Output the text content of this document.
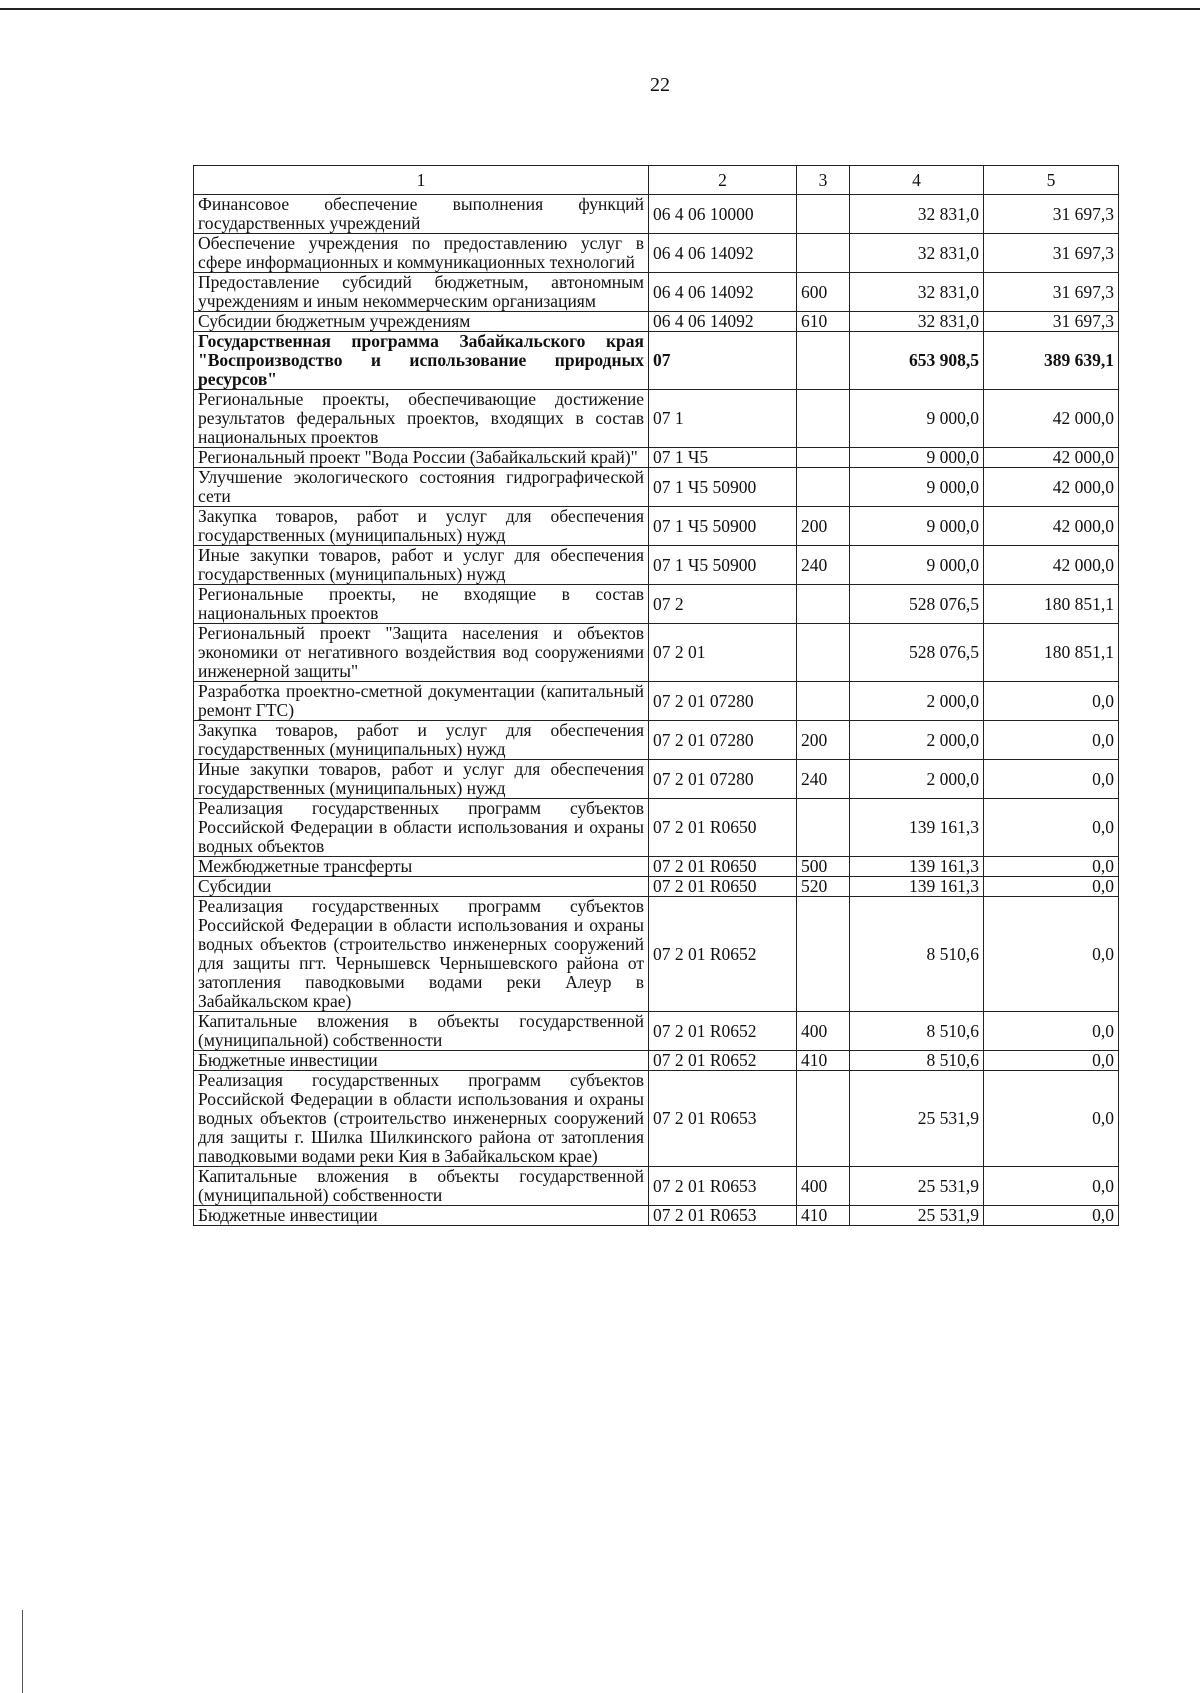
22
1	2	3	4	5
Финансовое обеспечение выполнения функций государственных учреждений	06 4 06 10000		32 831,0	31 697,3
Обеспечение учреждения по предоставлению услуг в сфере информационных и коммуникационных технологий	06 4 06 14092		32 831,0	31 697,3
Предоставление субсидий бюджетным, автономным учреждениям и иным некоммерческим организациям	06 4 06 14092	600	32 831,0	31 697,3
Субсидии бюджетным учреждениям	06 4 06 14092	610	32 831,0	31 697,3
Государственная программа Забайкальского края "Воспроизводство и использование природных ресурсов"	07		653 908,5	389 639,1
Региональные проекты, обеспечивающие достижение результатов федеральных проектов, входящих в состав национальных проектов	07 1		9 000,0	42 000,0
Региональный проект "Вода России (Забайкальский край)"	07 1 Ч5		9 000,0	42 000,0
Улучшение экологического состояния гидрографической сети	07 1 Ч5 50900		9 000,0	42 000,0
Закупка товаров, работ и услуг для обеспечения государственных (муниципальных) нужд	07 1 Ч5 50900	200	9 000,0	42 000,0
Иные закупки товаров, работ и услуг для обеспечения государственных (муниципальных) нужд	07 1 Ч5 50900	240	9 000,0	42 000,0
Региональные проекты, не входящие в состав национальных проектов	07 2		528 076,5	180 851,1
Региональный проект "Защита населения и объектов экономики от негативного воздействия вод сооружениями инженерной защиты"	07 2 01		528 076,5	180 851,1
Разработка проектно-сметной документации (капитальный ремонт ГТС)	07 2 01 07280		2 000,0	0,0
Закупка товаров, работ и услуг для обеспечения государственных (муниципальных) нужд	07 2 01 07280	200	2 000,0	0,0
Иные закупки товаров, работ и услуг для обеспечения государственных (муниципальных) нужд	07 2 01 07280	240	2 000,0	0,0
Реализация государственных программ субъектов Российской Федерации в области использования и охраны водных объектов	07 2 01 R0650		139 161,3	0,0
Межбюджетные трансферты	07 2 01 R0650	500	139 161,3	0,0
Субсидии	07 2 01 R0650	520	139 161,3	0,0
Реализация государственных программ субъектов Российской Федерации в области использования и охраны водных объектов (строительство инженерных сооружений для защиты пгт. Чернышевск Чернышевского района от затопления паводковыми водами реки Алеур в Забайкальском крае)	07 2 01 R0652		8 510,6	0,0
Капитальные вложения в объекты государственной (муниципальной) собственности	07 2 01 R0652	400	8 510,6	0,0
Бюджетные инвестиции	07 2 01 R0652	410	8 510,6	0,0
Реализация государственных программ субъектов Российской Федерации в области использования и охраны водных объектов (строительство инженерных сооружений для защиты г. Шилка Шилкинского района от затопления паводковыми водами реки Кия в Забайкальском крае)	07 2 01 R0653		25 531,9	0,0
Капитальные вложения в объекты государственной (муниципальной) собственности	07 2 01 R0653	400	25 531,9	0,0
Бюджетные инвестиции	07 2 01 R0653	410	25 531,9	0,0
